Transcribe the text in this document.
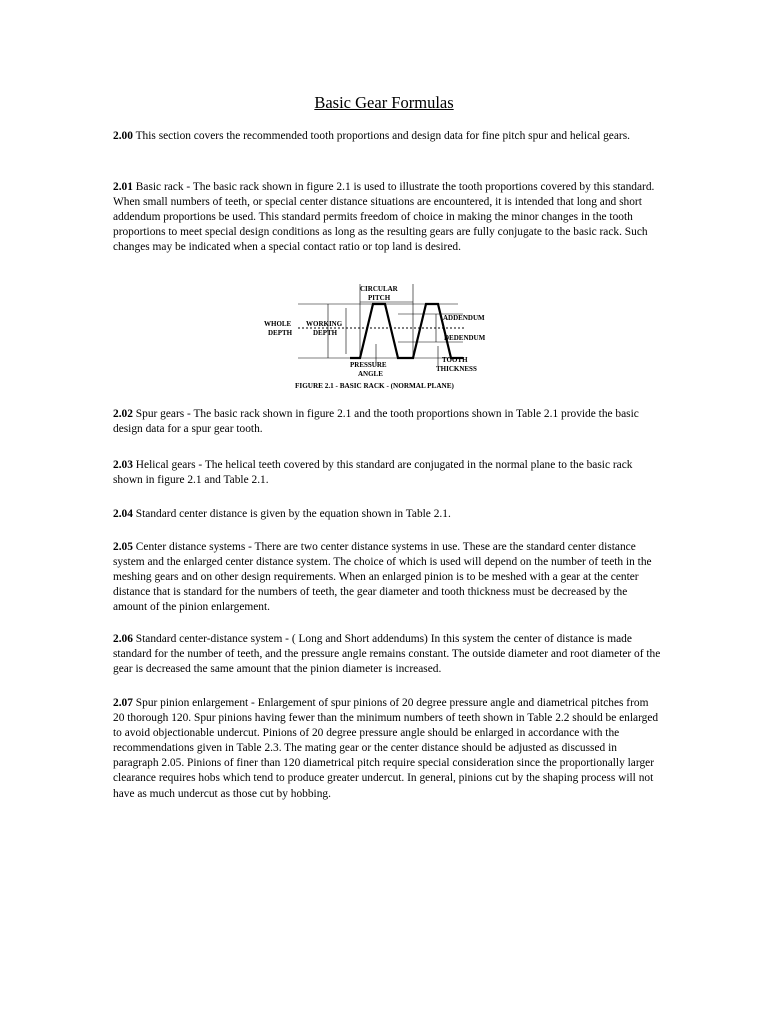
Basic Gear Formulas

2.00 This section covers the recommended tooth proportions and design data for fine pitch spur and helical gears.

2.01 Basic rack - The basic rack shown in figure 2.1 is used to illustrate the tooth proportions covered by this standard. When small numbers of teeth, or special center distance situations are encountered, it is intended that long and short addendum proportions be used. This standard permits freedom of choice in making the minor changes in the tooth proportions to meet special design conditions as long as the resulting gears are fully conjugate to the basic rack. Such changes may be indicated when a special contact ratio or top land is desired.

CIRCULAR
PITCH
WHOLE
DEPTH
WORKING
DEPTH
ADDENDUM
DEDENDUM
PRESSURE
ANGLE
TOOTH
THICKNESS
FIGURE 2.1 - BASIC RACK - (NORMAL PLANE)

2.02 Spur gears - The basic rack shown in figure 2.1 and the tooth proportions shown in Table 2.1 provide the basic design data for a spur gear tooth.

2.03 Helical gears - The helical teeth covered by this standard are conjugated in the normal plane to the basic rack shown in figure 2.1 and Table 2.1.

2.04 Standard center distance is given by the equation shown in Table 2.1.

2.05 Center distance systems - There are two center distance systems in use. These are the standard center distance system and the enlarged center distance system. The choice of which is used will depend on the number of teeth in the meshing gears and on other design requirements. When an enlarged pinion is to be meshed with a gear at the center distance that is standard for the numbers of teeth, the gear diameter and tooth thickness must be decreased by the amount of the pinion enlargement.

2.06 Standard center-distance system - ( Long and Short addendums) In this system the center of distance is made standard for the number of teeth, and the pressure angle remains constant. The outside diameter and root diameter of the gear is decreased the same amount that the pinion diameter is increased.

2.07 Spur pinion enlargement - Enlargement of spur pinions of 20 degree pressure angle and diametrical pitches from 20 thorough 120. Spur pinions having fewer than the minimum numbers of teeth shown in Table 2.2 should be enlarged to avoid objectionable undercut. Pinions of 20 degree pressure angle should be enlarged in accordance with the recommendations given in Table 2.3. The mating gear or the center distance should be adjusted as discussed in paragraph 2.05. Pinions of finer than 120 diametrical pitch require special consideration since the proportionally larger clearance requires hobs which tend to produce greater undercut. In general, pinions cut by the shaping process will not have as much undercut as those cut by hobbing.
